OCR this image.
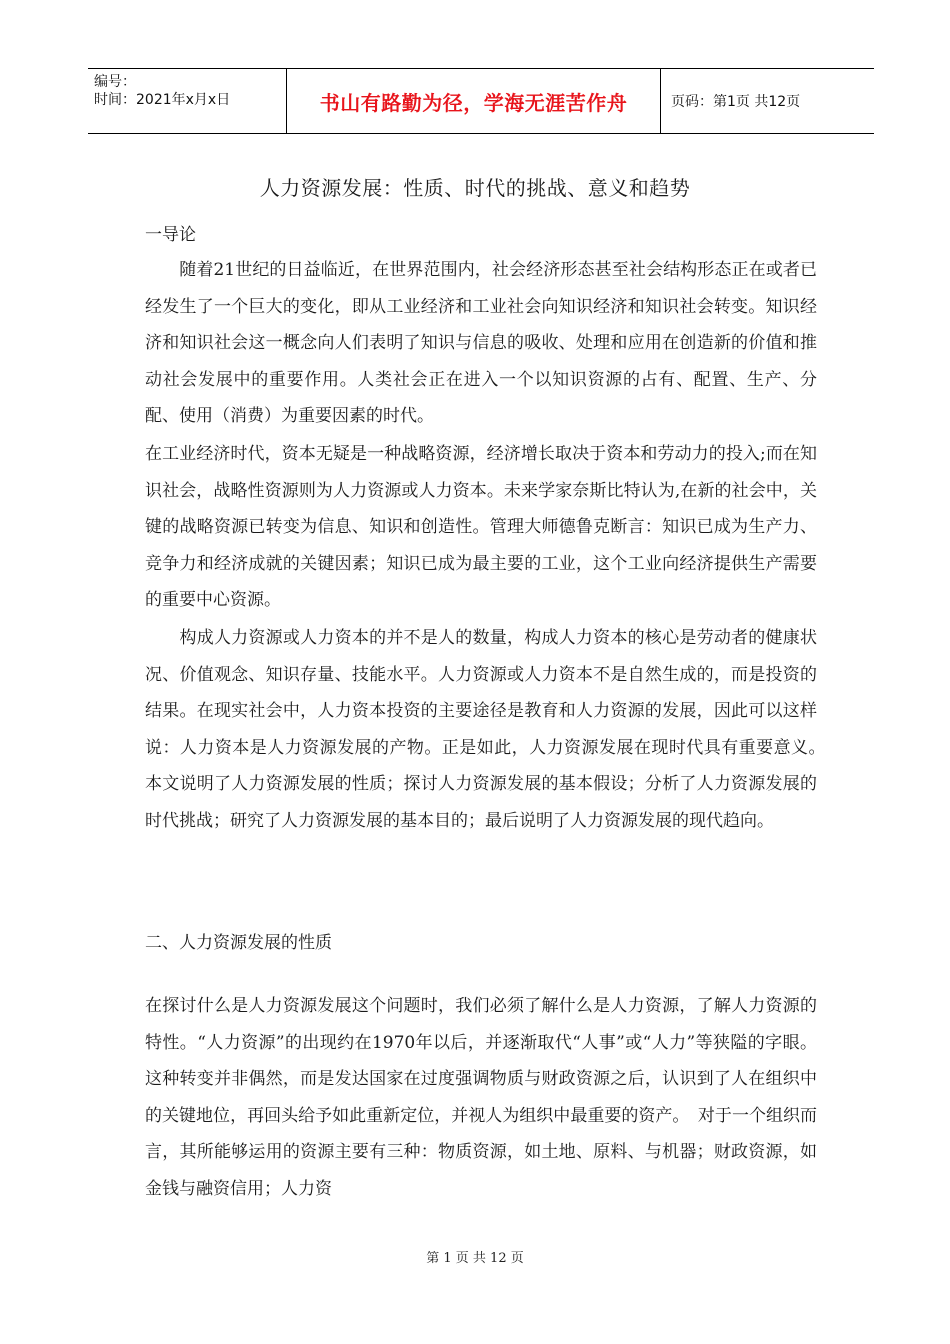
编号：
时间：2021年x月x日	书山有路勤为径，学海无涯苦作舟	页码：第1页 共12页
人力资源发展：性质、时代的挑战、意义和趋势
一导论

　　随着21世纪的日益临近，在世界范围内，社会经济形态甚至社会结构形态正在或者已经发生了一个巨大的变化，即从工业经济和工业社会向知识经济和知识社会转变。知识经济和知识社会这一概念向人们表明了知识与信息的吸收、处理和应用在创造新的价值和推动社会发展中的重要作用。人类社会正在进入一个以知识资源的占有、配置、生产、分配、使用（消费）为重要因素的时代。

在工业经济时代，资本无疑是一种战略资源，经济增长取决于资本和劳动力的投入;而在知识社会，战略性资源则为人力资源或人力资本。未来学家奈斯比特认为,在新的社会中，关键的战略资源已转变为信息、知识和创造性。管理大师德鲁克断言：知识已成为生产力、竞争力和经济成就的关键因素；知识已成为最主要的工业，这个工业向经济提供生产需要的重要中心资源。

　　构成人力资源或人力资本的并不是人的数量，构成人力资本的核心是劳动者的健康状况、价值观念、知识存量、技能水平。人力资源或人力资本不是自然生成的，而是投资的结果。在现实社会中，人力资本投资的主要途径是教育和人力资源的发展，因此可以这样说：人力资本是人力资源发展的产物。正是如此，人力资源发展在现时代具有重要意义。　本文说明了人力资源发展的性质；探讨人力资源发展的基本假设；分析了人力资源发展的时代挑战；研究了人力资源发展的基本目的；最后说明了人力资源发展的现代趋向。

二、人力资源发展的性质

在探讨什么是人力资源发展这个问题时，我们必须了解什么是人力资源，了解人力资源的特性。“人力资源”的出现约在1970年以后，并逐渐取代“人事”或“人力”等狭隘的字眼。这种转变并非偶然，而是发达国家在过度强调物质与财政资源之后，认识到了人在组织中的关键地位，再回头给予如此重新定位，并视人为组织中最重要的资产。　对于一个组织而言，其所能够运用的资源主要有三种：物质资源，如土地、原料、与机器；财政资源，如金钱与融资信用；人力资

第 1 页 共 12 页
